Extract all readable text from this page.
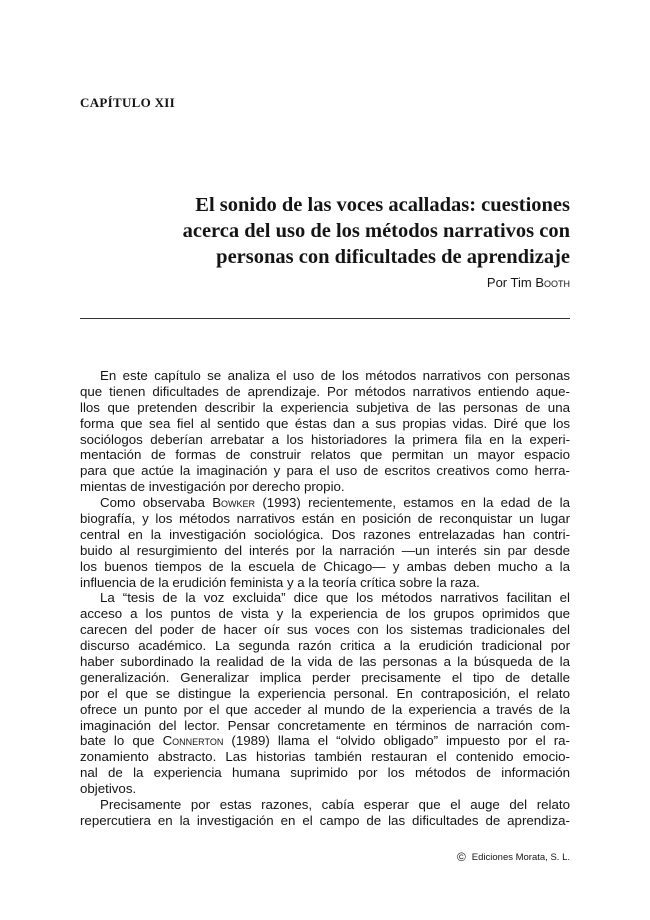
CAPÍTULO XII
El sonido de las voces acalladas: cuestiones
acerca del uso de los métodos narrativos con
personas con dificultades de aprendizaje
Por Tim Booth
En este capítulo se analiza el uso de los métodos narrativos con personas
que tienen dificultades de aprendizaje. Por métodos narrativos entiendo aque-
llos que pretenden describir la experiencia subjetiva de las personas de una
forma que sea fiel al sentido que éstas dan a sus propias vidas. Diré que los
sociólogos deberían arrebatar a los historiadores la primera fila en la experi-
mentación de formas de construir relatos que permitan un mayor espacio
para que actúe la imaginación y para el uso de escritos creativos como herra-
mientas de investigación por derecho propio.
Como observaba Bowker (1993) recientemente, estamos en la edad de la
biografía, y los métodos narrativos están en posición de reconquistar un lugar
central en la investigación sociológica. Dos razones entrelazadas han contri-
buido al resurgimiento del interés por la narración —un interés sin par desde
los buenos tiempos de la escuela de Chicago— y ambas deben mucho a la
influencia de la erudición feminista y a la teoría crítica sobre la raza.
La “tesis de la voz excluida” dice que los métodos narrativos facilitan el
acceso a los puntos de vista y la experiencia de los grupos oprimidos que
carecen del poder de hacer oír sus voces con los sistemas tradicionales del
discurso académico. La segunda razón critica a la erudición tradicional por
haber subordinado la realidad de la vida de las personas a la búsqueda de la
generalización. Generalizar implica perder precisamente el tipo de detalle
por el que se distingue la experiencia personal. En contraposición, el relato
ofrece un punto por el que acceder al mundo de la experiencia a través de la
imaginación del lector. Pensar concretamente en términos de narración com-
bate lo que Connerton (1989) llama el “olvido obligado” impuesto por el ra-
zonamiento abstracto. Las historias también restauran el contenido emocio-
nal de la experiencia humana suprimido por los métodos de información
objetivos.
Precisamente por estas razones, cabía esperar que el auge del relato
repercutiera en la investigación en el campo de las dificultades de aprendiza-
© Ediciones Morata, S. L.
